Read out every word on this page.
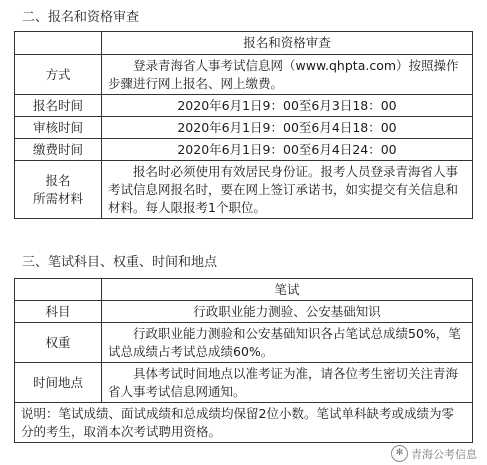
二、报名和资格审查
	报名和资格审查
方式	登录青海省人事考试信息网（www.qhpta.com）按照操作步骤进行网上报名、网上缴费。
报名时间	2020年6月1日9：00至6月3日18：00
审核时间	2020年6月1日9：00至6月4日18：00
缴费时间	2020年6月1日9：00至6月4日24：00

报名
所需材料	报名时必须使用有效居民身份证。报考人员登录青海省人事考试信息网报名时，要在网上签订承诺书，如实提交有关信息和材料。每人限报考1个职位。
三、笔试科目、权重、时间和地点
	笔试
科目	行政职业能力测验、公安基础知识
权重	行政职业能力测验和公安基础知识各占笔试总成绩50%，笔试总成绩占考试总成绩60%。
时间地点	具体考试时间地点以准考证为准，请各位考生密切关注青海省人事考试信息网通知。
说明：笔试成绩、面试成绩和总成绩均保留2位小数。笔试单科缺考或成绩为零分的考生，取消本次考试聘用资格。	
✻ 青海公考信息
